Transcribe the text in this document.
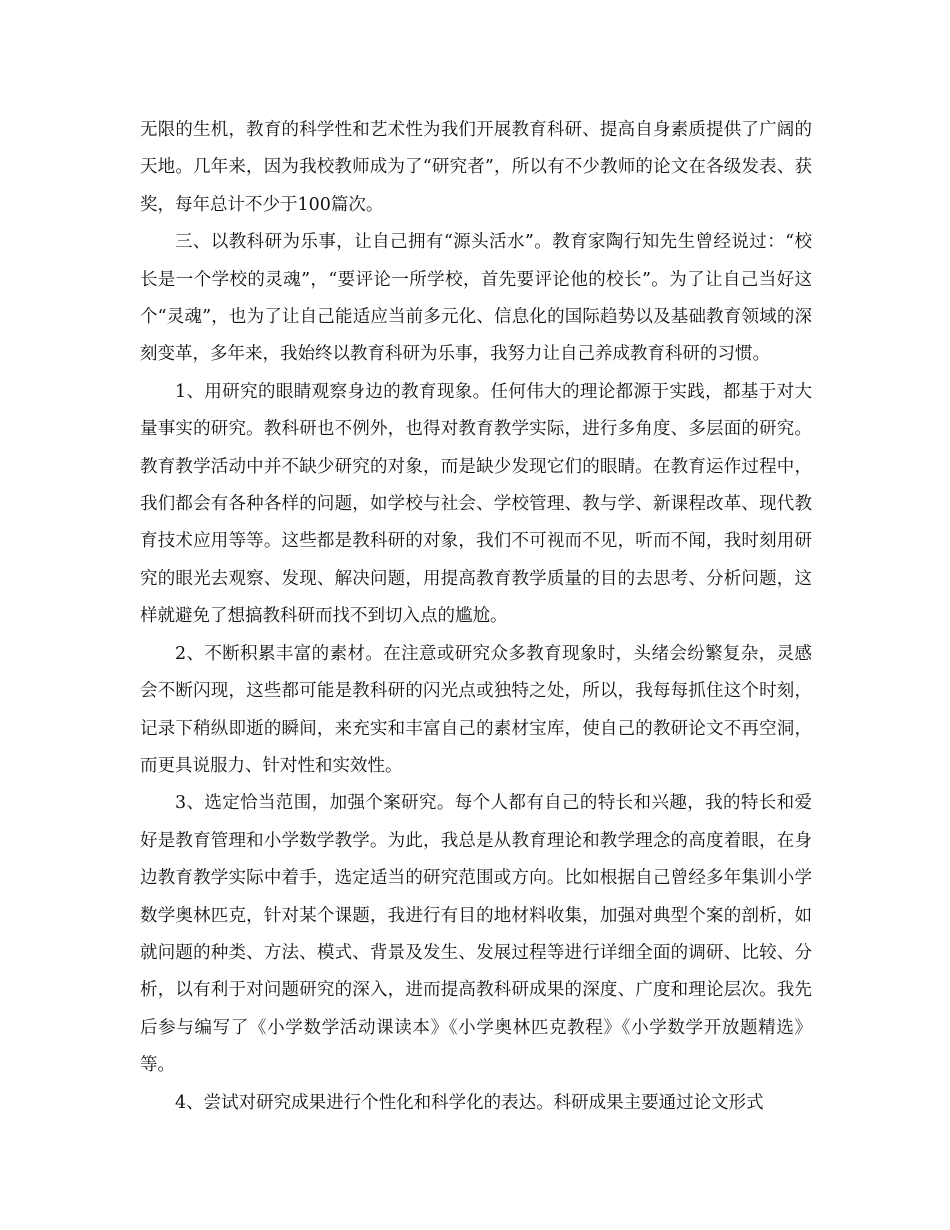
无限的生机，教育的科学性和艺术性为我们开展教育科研、提高自身素质提供了广阔的天地。几年来，因为我校教师成为了“研究者”，所以有不少教师的论文在各级发表、获奖，每年总计不少于100篇次。

三、以教科研为乐事，让自己拥有“源头活水”。教育家陶行知先生曾经说过：“校长是一个学校的灵魂”，“要评论一所学校，首先要评论他的校长”。为了让自己当好这个“灵魂”，也为了让自己能适应当前多元化、信息化的国际趋势以及基础教育领域的深刻变革，多年来，我始终以教育科研为乐事，我努力让自己养成教育科研的习惯。

1、用研究的眼睛观察身边的教育现象。任何伟大的理论都源于实践，都基于对大量事实的研究。教科研也不例外，也得对教育教学实际，进行多角度、多层面的研究。教育教学活动中并不缺少研究的对象，而是缺少发现它们的眼睛。在教育运作过程中，我们都会有各种各样的问题，如学校与社会、学校管理、教与学、新课程改革、现代教育技术应用等等。这些都是教科研的对象，我们不可视而不见，听而不闻，我时刻用研究的眼光去观察、发现、解决问题，用提高教育教学质量的目的去思考、分析问题，这样就避免了想搞教科研而找不到切入点的尴尬。

2、不断积累丰富的素材。在注意或研究众多教育现象时，头绪会纷繁复杂，灵感会不断闪现，这些都可能是教科研的闪光点或独特之处，所以，我每每抓住这个时刻，记录下稍纵即逝的瞬间，来充实和丰富自己的素材宝库，使自己的教研论文不再空洞，而更具说服力、针对性和实效性。

3、选定恰当范围，加强个案研究。每个人都有自己的特长和兴趣，我的特长和爱好是教育管理和小学数学教学。为此，我总是从教育理论和教学理念的高度着眼，在身边教育教学实际中着手，选定适当的研究范围或方向。比如根据自己曾经多年集训小学数学奥林匹克，针对某个课题，我进行有目的地材料收集，加强对典型个案的剖析，如就问题的种类、方法、模式、背景及发生、发展过程等进行详细全面的调研、比较、分析，以有利于对问题研究的深入，进而提高教科研成果的深度、广度和理论层次。我先后参与编写了《小学数学活动课读本》《小学奥林匹克教程》《小学数学开放题精选》等。

4、尝试对研究成果进行个性化和科学化的表达。科研成果主要通过论文形式
